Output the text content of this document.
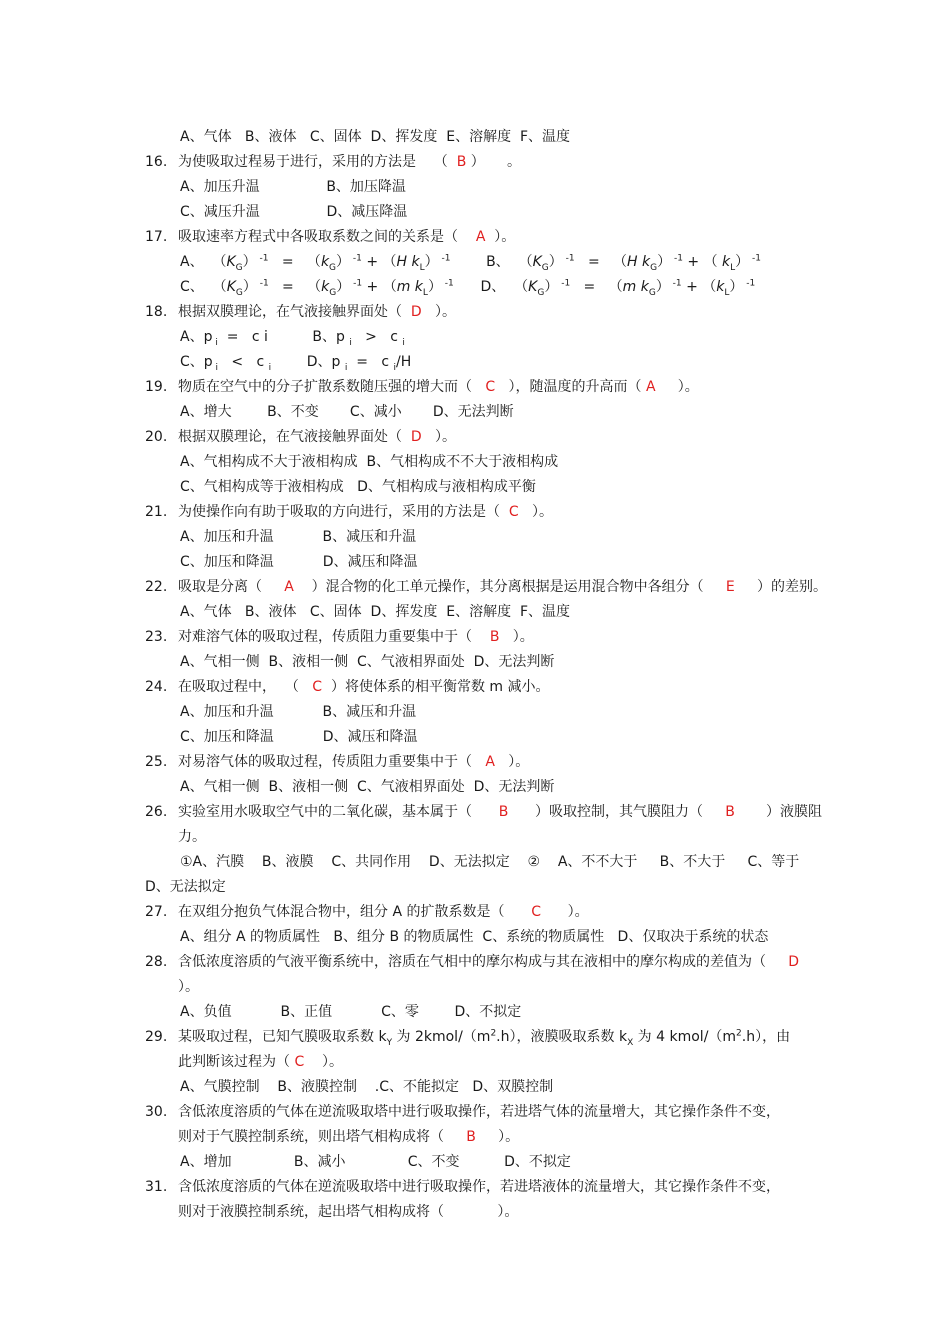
A、气体   B、液体   C、固体  D、挥发度  E、溶解度  F、温度
16. 为使吸取过程易于进行，采用的方法是    （  B ）     。
A、加压升温               B、加压降温
C、减压升温               D、减压降温
17. 吸取速率方程式中各吸取系数之间的关系是（    A  ）。
A、  $(K_G) ^{-1} = (k_G) ^{-1} + (H$ $k_L$） $^{-1}$        B、  $(K_G) ^{-1} = (H$ $k_G$） $^{-1}$ + （ $k_L$） $^{-1}$
C、  $(K_G) ^{-1} = (k_G) ^{-1} + (m$ $k_L$） $^{-1}$      D、  $(K_G) ^{-1} = (m$ $k_G$） $^{-1} + (k_L)$ $^{-1}$
18. 根据双膜理论，在气液接触界面处（  D   ）。
A、p $_i$  =   c i          B、p $_i$   >   c $_i$
C、p $_i$   <   c $_i$        D、p $_i$  =   c $_i$/H
19. 物质在空气中的分子扩散系数随压强的增大而（   C   ），随温度的升高而（ A     ）。
A、增大        B、不变       C、减小       D、无法判断
20. 根据双膜理论，在气液接触界面处（  D   ）。
A、气相构成不大于液相构成  B、气相构成不不大于液相构成
C、气相构成等于液相构成   D、气相构成与液相构成平衡
21. 为使操作向有助于吸取的方向进行，采用的方法是（  C   ）。
A、加压和升温           B、减压和升温
C、加压和降温           D、减压和降温
22. 吸取是分离（     A    ）混合物的化工单元操作，其分离根据是运用混合物中各组分（     E     ）的差别。
A、气体   B、液体   C、固体  D、挥发度  E、溶解度  F、温度
23. 对难溶气体的吸取过程，传质阻力重要集中于（    B   ）。
A、气相一侧  B、液相一侧  C、气液相界面处  D、无法判断
24. 在吸取过程中，  （   C  ）将使体系的相平衡常数 m 减小。
A、加压和升温           B、减压和升温
C、加压和降温           D、减压和降温
25. 对易溶气体的吸取过程，传质阻力重要集中于（   A   ）。
A、气相一侧  B、液相一侧  C、气液相界面处  D、无法判断
26. 实验室用水吸取空气中的二氧化碳，基本属于（      B      ）吸取控制，其气膜阻力（     B       ）液膜阻
力。
①A、汽膜    B、液膜    C、共同作用    D、无法拟定    ②    A、不不大于     B、不大于     C、等于
D、无法拟定
27. 在双组分抱负气体混合物中，组分 A 的扩散系数是（      C      ）。
A、组分 A 的物质属性   B、组分 B 的物质属性  C、系统的物质属性   D、仅取决于系统的状态
28. 含低浓度溶质的气液平衡系统中，溶质在气相中的摩尔构成与其在液相中的摩尔构成的差值为（     D
）。
A、负值           B、正值           C、零        D、不拟定
29. 某吸取过程，已知气膜吸取系数 $k_Y$ 为 $2kmol/(m^2.h)$，液膜吸取系数 $k_X$ 为 4 kmol/$(m^2.h)$，由
此判断该过程为（ C    ）。
A、气膜控制    B、液膜控制    .C、不能拟定   D、双膜控制
30. 含低浓度溶质的气体在逆流吸取塔中进行吸取操作，若进塔气体的流量增大，其它操作条件不变，
则对于气膜控制系统，则出塔气相构成将（     B     ）。
A、增加              B、减小              C、不变          D、不拟定
31. 含低浓度溶质的气体在逆流吸取塔中进行吸取操作，若进塔液体的流量增大，其它操作条件不变，
则对于液膜控制系统，起出塔气相构成将（            ）。
